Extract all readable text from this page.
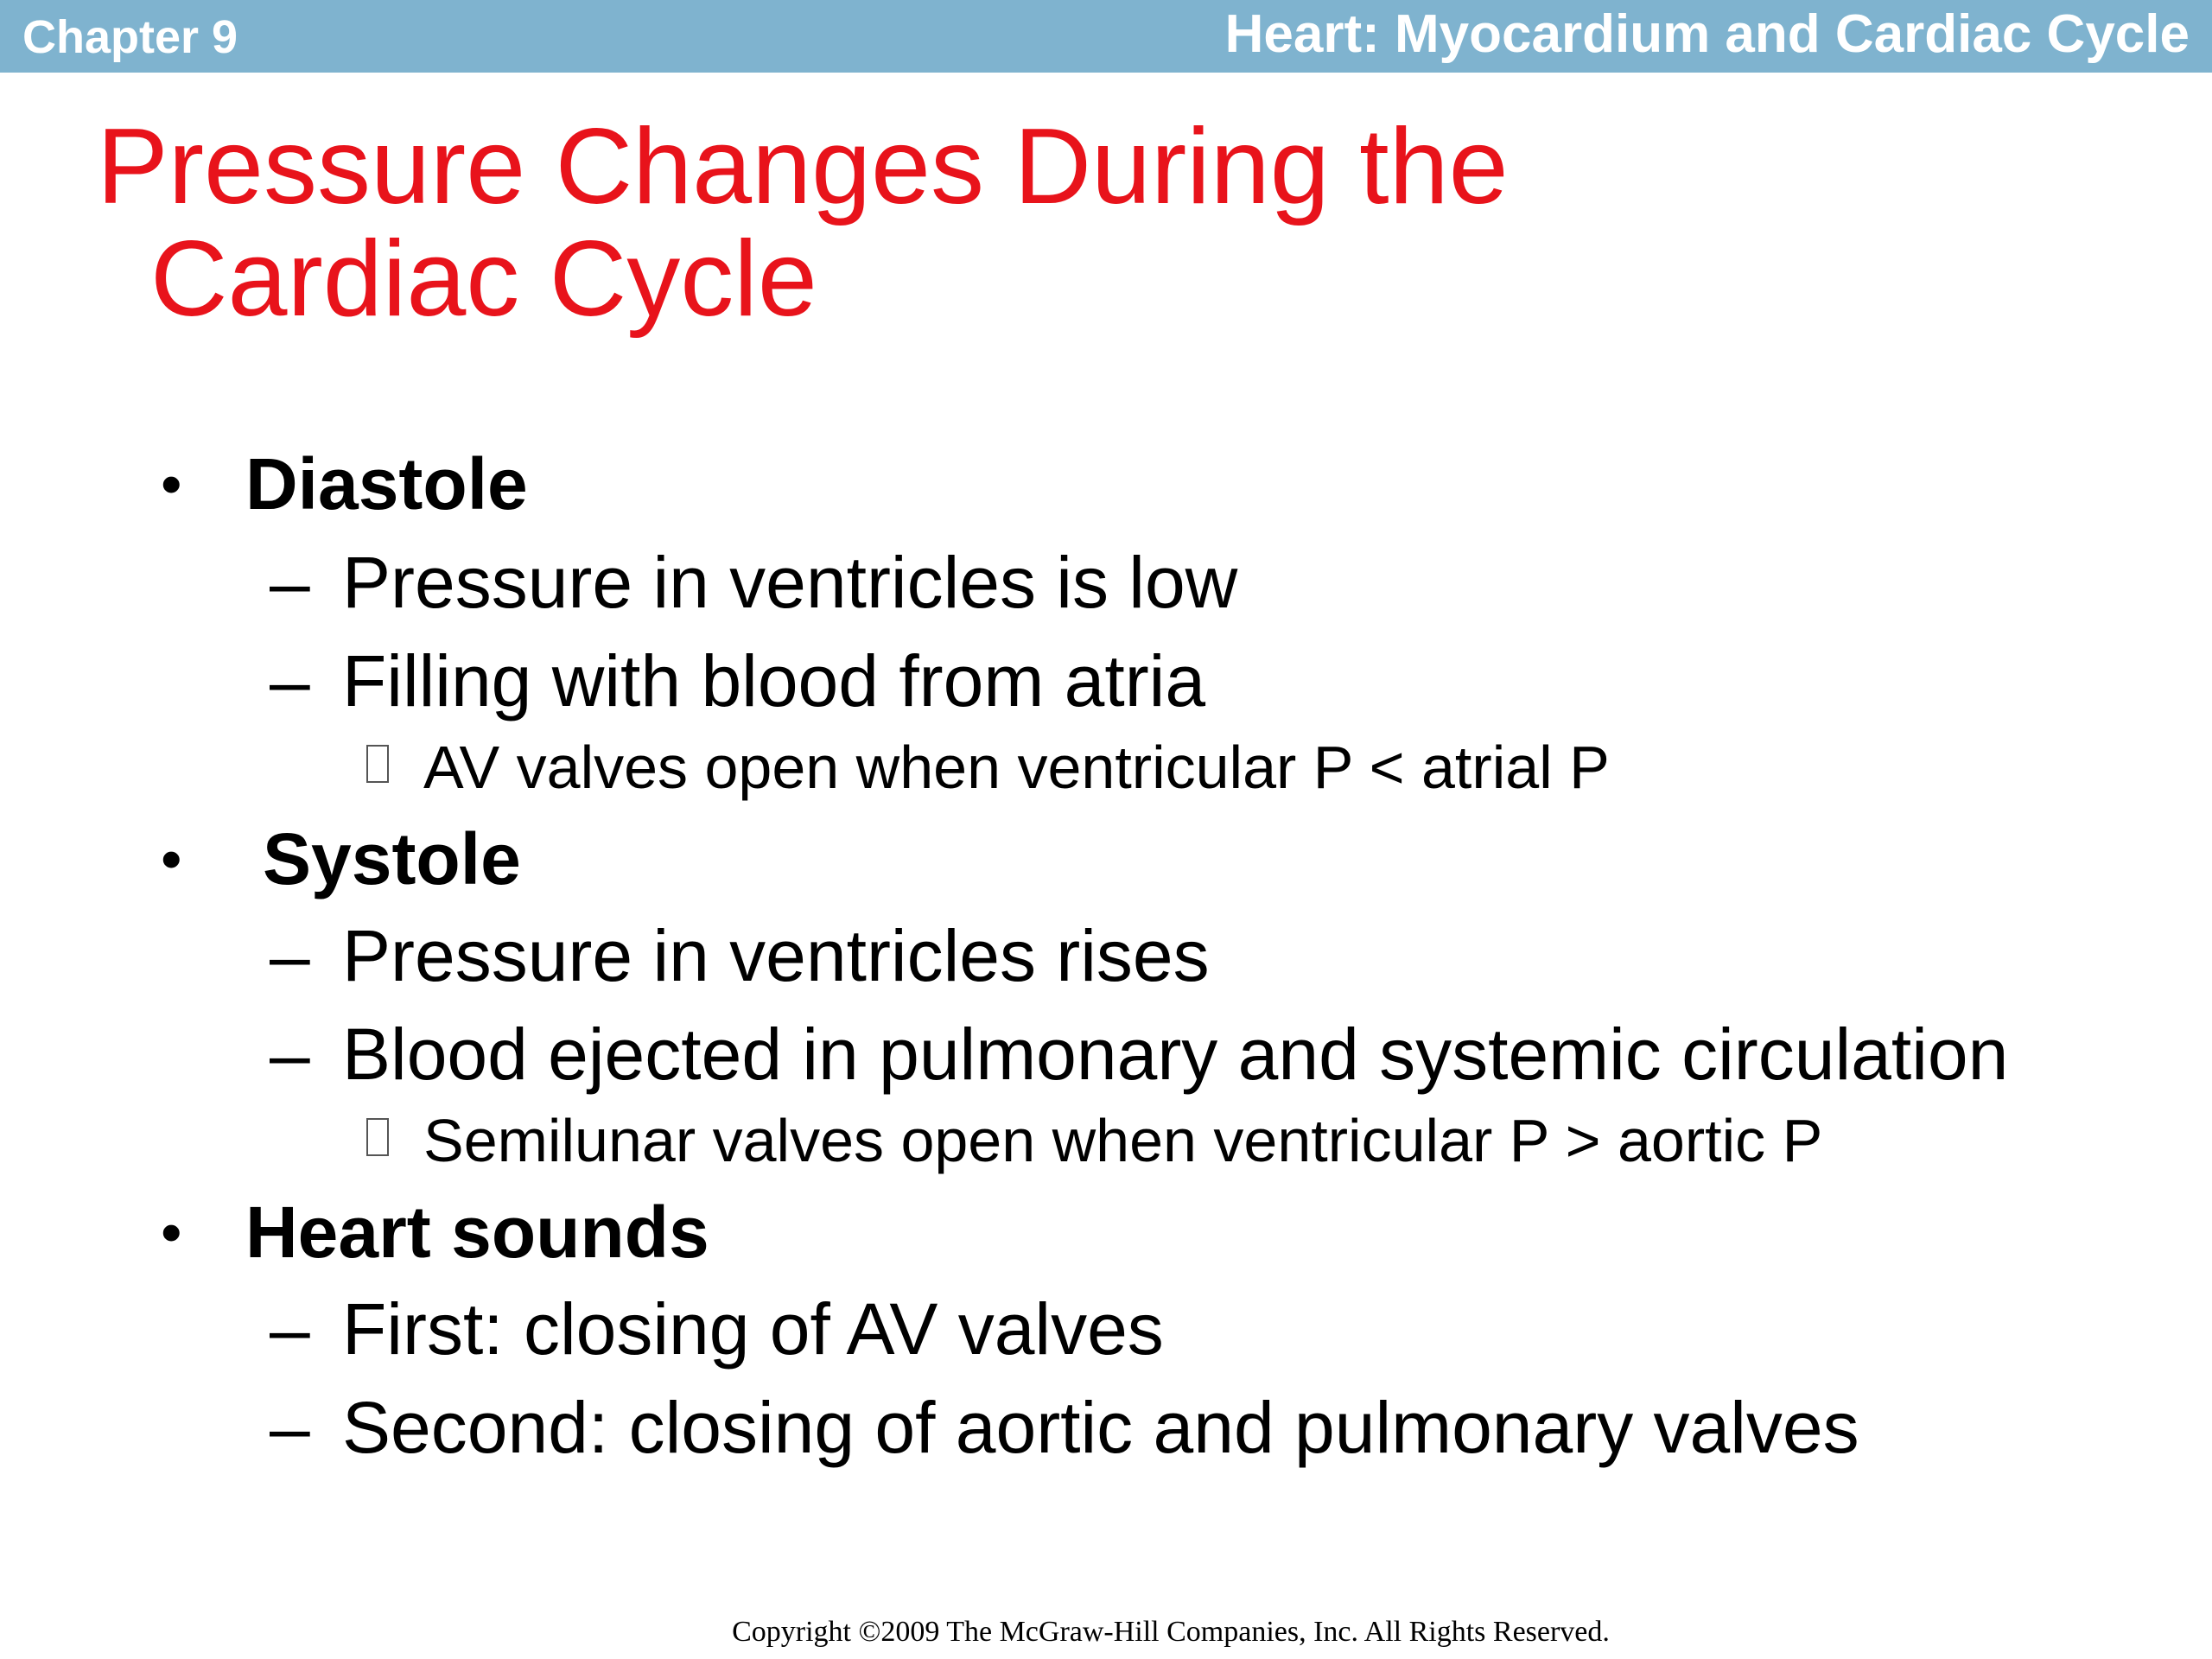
Chapter 9	Heart: Myocardium and Cardiac Cycle
Pressure Changes During the
Cardiac Cycle
• Diastole
– Pressure in ventricles is low
– Filling with blood from atria
AV valves open when ventricular P < atrial P
• Systole
– Pressure in ventricles rises
– Blood ejected in pulmonary and systemic circulation
Semilunar valves open when ventricular P > aortic P
• Heart sounds
– First: closing of AV valves
– Second: closing of aortic and pulmonary valves
Copyright ©2009 The McGraw-Hill Companies, Inc. All Rights Reserved.
